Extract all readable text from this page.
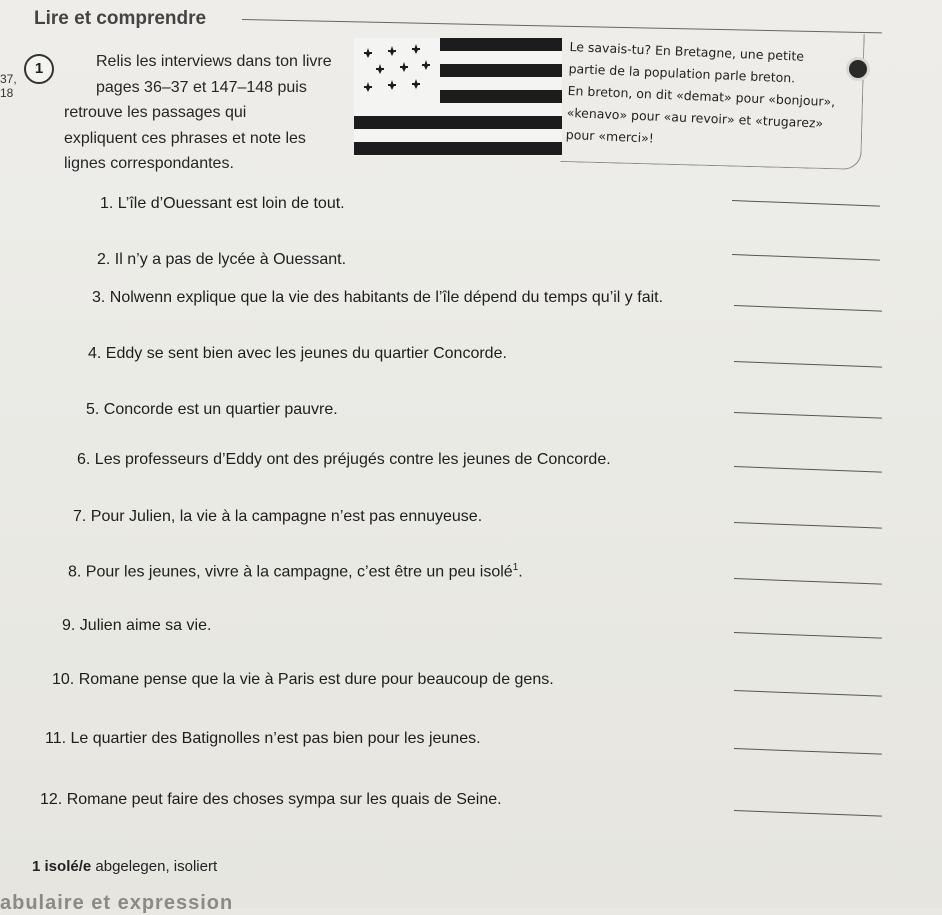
Lire et comprendre
37,
18
1	Relis les interviews dans ton livre
pages 36–37 et 147–148 puis
retrouve les passages qui
expliquent ces phrases et note les
lignes correspondantes.
Le savais-tu? En Bretagne, une petite
partie de la population parle breton.
En breton, on dit «demat» pour «bonjour»,
«kenavo» pour «au revoir» et «trugarez»
pour «merci»!
1. L’île d’Ouessant est loin de tout.
2. Il n’y a pas de lycée à Ouessant.
3. Nolwenn explique que la vie des habitants de l’île dépend du temps qu’il y fait.
4. Eddy se sent bien avec les jeunes du quartier Concorde.
5. Concorde est un quartier pauvre.
6. Les professeurs d’Eddy ont des préjugés contre les jeunes de Concorde.
7. Pour Julien, la vie à la campagne n’est pas ennuyeuse.
8. Pour les jeunes, vivre à la campagne, c’est être un peu isolé$^1$.
9. Julien aime sa vie.
10. Romane pense que la vie à Paris est dure pour beaucoup de gens.
11. Le quartier des Batignolles n’est pas bien pour les jeunes.
12. Romane peut faire des choses sympa sur les quais de Seine.
1 isolé/e abgelegen, isoliert
abulaire et expression
